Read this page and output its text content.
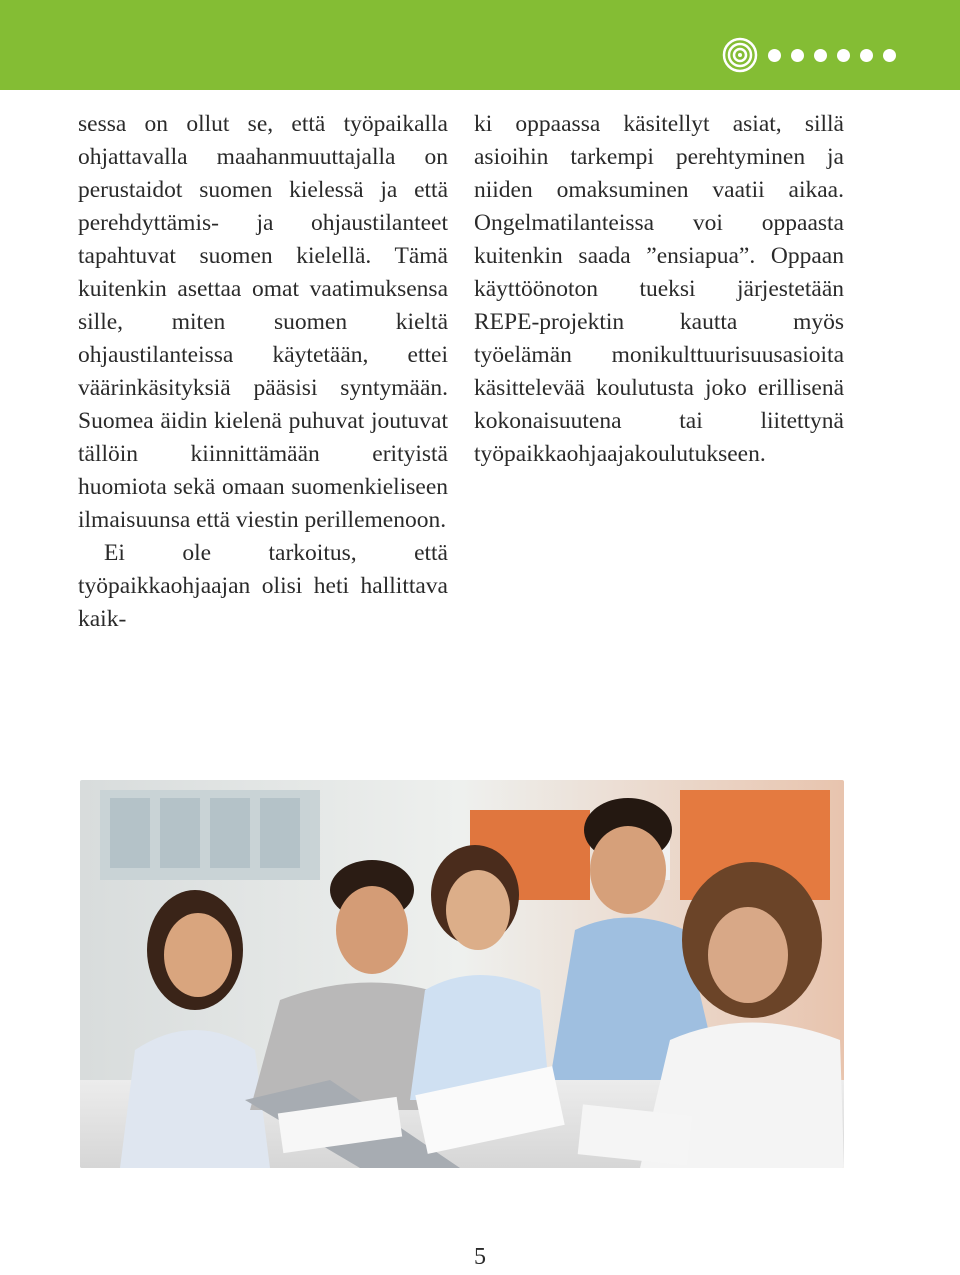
sessa on ollut se, että työpaikalla ohjattavalla maahanmuuttajalla on perustaidot suomen kielessä ja että perehdyttämis- ja ohjaustilanteet tapahtuvat suomen kielellä. Tämä kuitenkin asettaa omat vaatimuksensa sille, miten suomen kieltä ohjaustilanteissa käytetään, ettei väärinkäsityksiä pääsisi syntymään. Suomea äidin kielenä puhuvat joutuvat tällöin kiinnittämään erityistä huomiota sekä omaan suomenkieliseen ilmaisuunsa että viestin perillemenoon.

Ei ole tarkoitus, että työpaikkaohjaajan olisi heti hallittava kaik-

ki oppaassa käsitellyt asiat, sillä asioihin tarkempi perehtyminen ja niiden omaksuminen vaatii aikaa. Ongelmatilanteissa voi oppaasta kuitenkin saada ”ensiapua”. Oppaan käyttöönoton tueksi järjestetään REPE-projektin kautta myös työelämän monikulttuurisuusasioita käsittelevää koulutusta joko erillisenä kokonaisuutena tai liitettynä työpaikkaohjaajakoulutukseen.

5
